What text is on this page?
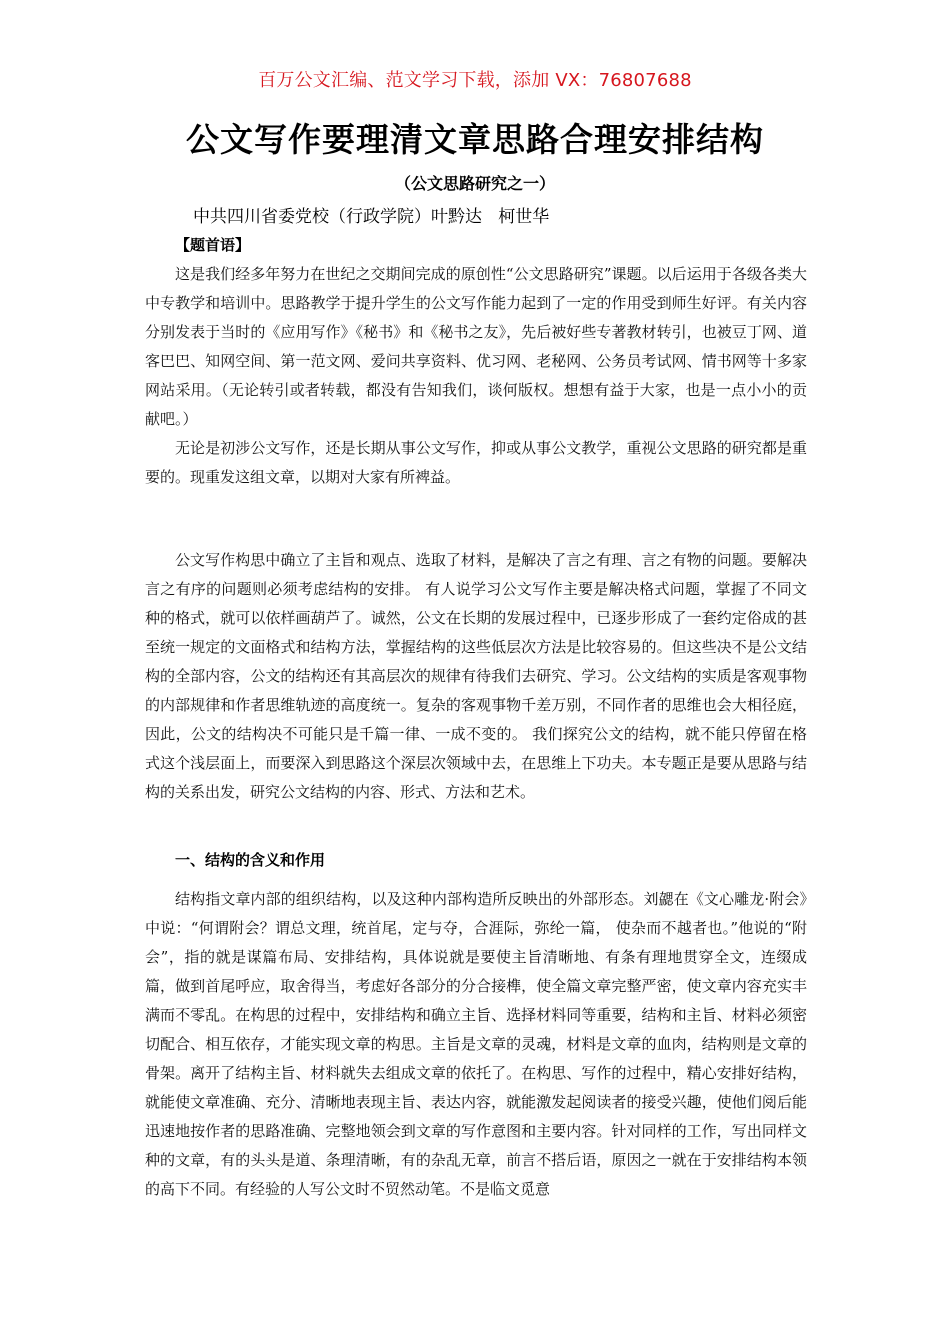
百万公文汇编、范文学习下载，添加 VX：76807688
公文写作要理清文章思路合理安排结构
（公文思路研究之一）
中共四川省委党校（行政学院）叶黔达   柯世华
【题首语】

这是我们经多年努力在世纪之交期间完成的原创性“公文思路研究”课题。以后运用于各级各类大中专教学和培训中。思路教学于提升学生的公文写作能力起到了一定的作用受到师生好评。有关内容分别发表于当时的《应用写作》《秘书》和《秘书之友》，先后被好些专著教材转引，也被豆丁网、道客巴巴、知网空间、第一范文网、爱问共享资料、优习网、老秘网、公务员考试网、情书网等十多家网站采用。（无论转引或者转载，都没有告知我们，谈何版权。想想有益于大家，也是一点小小的贡献吧。）

无论是初涉公文写作，还是长期从事公文写作，抑或从事公文教学，重视公文思路的研究都是重要的。现重发这组文章，以期对大家有所裨益。

公文写作构思中确立了主旨和观点、选取了材料，是解决了言之有理、言之有物的问题。要解决言之有序的问题则必须考虑结构的安排。 有人说学习公文写作主要是解决格式问题，掌握了不同文种的格式，就可以依样画葫芦了。诚然，公文在长期的发展过程中，已逐步形成了一套约定俗成的甚至统一规定的文面格式和结构方法，掌握结构的这些低层次方法是比较容易的。但这些决不是公文结构的全部内容，公文的结构还有其高层次的规律有待我们去研究、学习。公文结构的实质是客观事物的内部规律和作者思维轨迹的高度统一。复杂的客观事物千差万别，不同作者的思维也会大相径庭，因此，公文的结构决不可能只是千篇一律、一成不变的。 我们探究公文的结构，就不能只停留在格式这个浅层面上，而要深入到思路这个深层次领域中去，在思维上下功夫。本专题正是要从思路与结构的关系出发，研究公文结构的内容、形式、方法和艺术。

一、结构的含义和作用

结构指文章内部的组织结构，以及这种内部构造所反映出的外部形态。刘勰在《文心雕龙·附会》中说：“何谓附会？谓总文理，统首尾，定与夺，合涯际，弥纶一篇， 使杂而不越者也。”他说的“附会”，指的就是谋篇布局、安排结构，具体说就是要使主旨清晰地、有条有理地贯穿全文，连缀成篇，做到首尾呼应，取舍得当，考虑好各部分的分合接榫，使全篇文章完整严密，使文章内容充实丰满而不零乱。在构思的过程中，安排结构和确立主旨、选择材料同等重要，结构和主旨、材料必须密切配合、相互依存，才能实现文章的构思。主旨是文章的灵魂，材料是文章的血肉，结构则是文章的骨架。离开了结构主旨、材料就失去组成文章的依托了。在构思、写作的过程中，精心安排好结构，就能使文章准确、充分、清晰地表现主旨、表达内容，就能激发起阅读者的接受兴趣，使他们阅后能迅速地按作者的思路准确、完整地领会到文章的写作意图和主要内容。针对同样的工作，写出同样文种的文章，有的头头是道、条理清晰，有的杂乱无章，前言不搭后语，原因之一就在于安排结构本领的高下不同。有经验的人写公文时不贸然动笔。不是临文觅意
